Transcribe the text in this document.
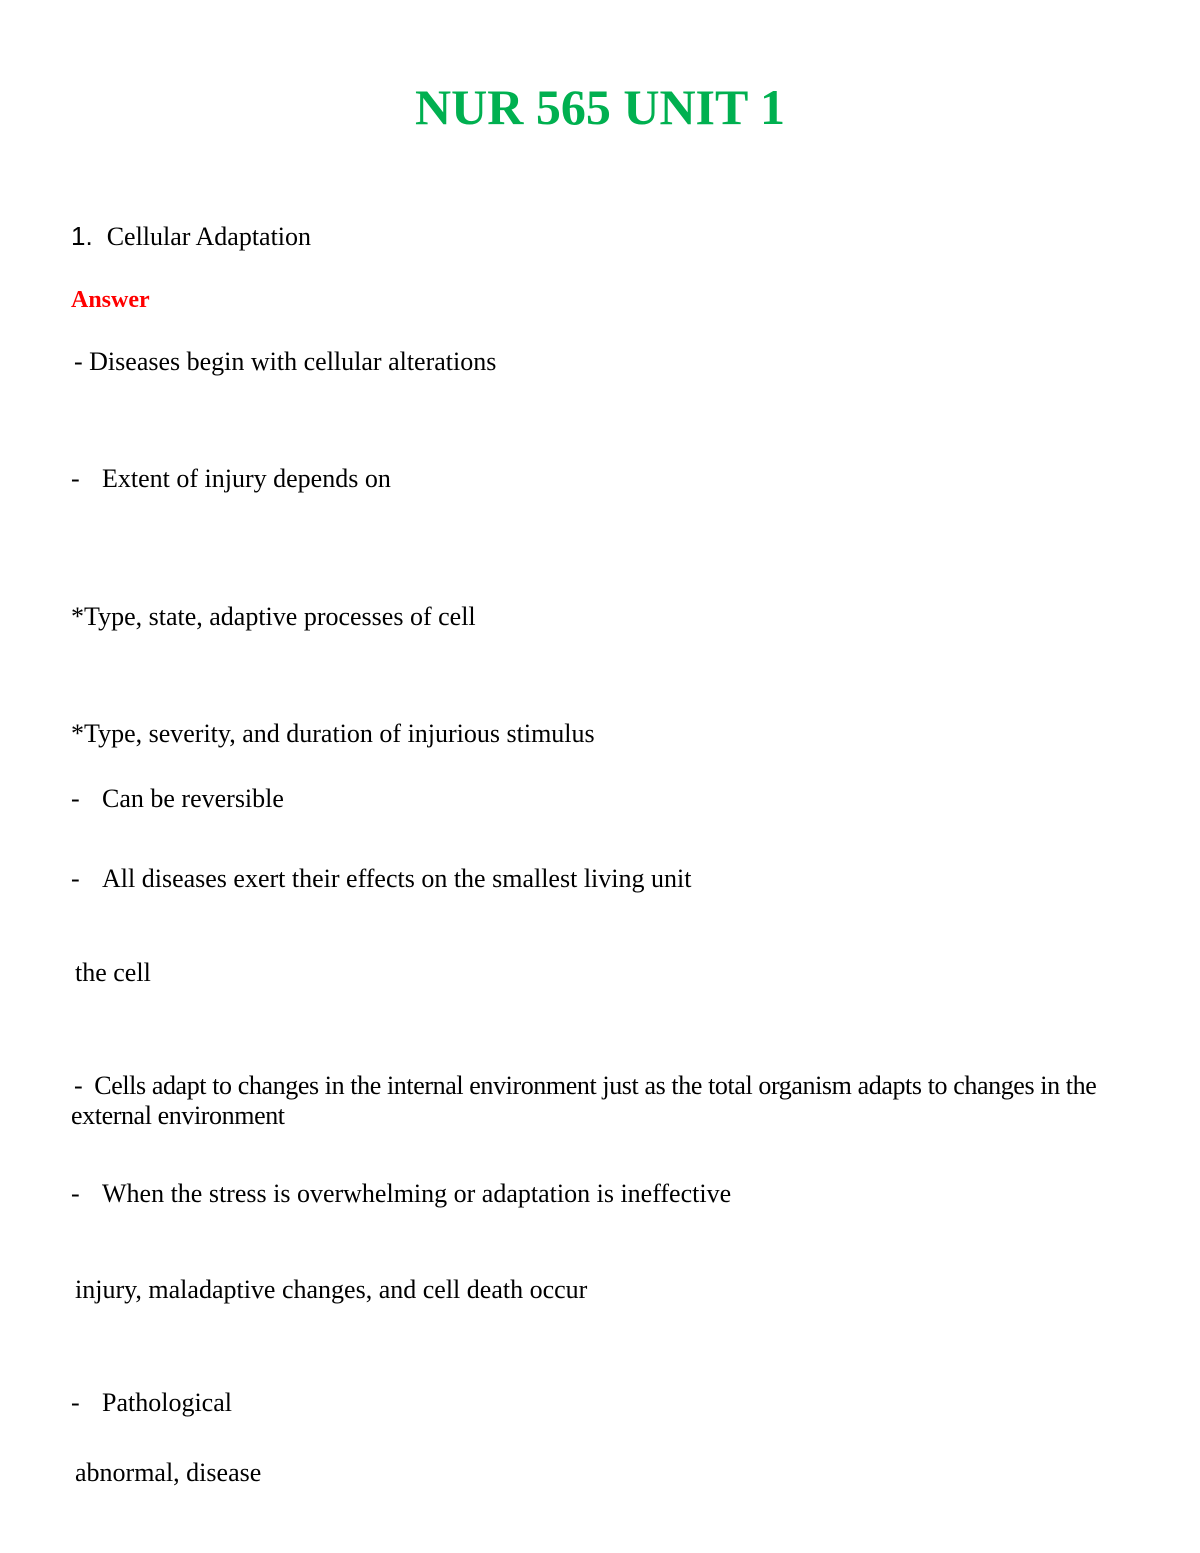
NUR 565 UNIT 1
1. Cellular Adaptation
Answer
- Diseases begin with cellular alterations
- Extent of injury depends on
*Type, state, adaptive processes of cell
*Type, severity, and duration of injurious stimulus
- Can be reversible
- All diseases exert their effects on the smallest living unit
the cell
- Cells adapt to changes in the internal environment just as the total organism adapts to changes in the external environment
- When the stress is overwhelming or adaptation is ineffective
injury, maladaptive changes, and cell death occur
- Pathological
abnormal, disease
